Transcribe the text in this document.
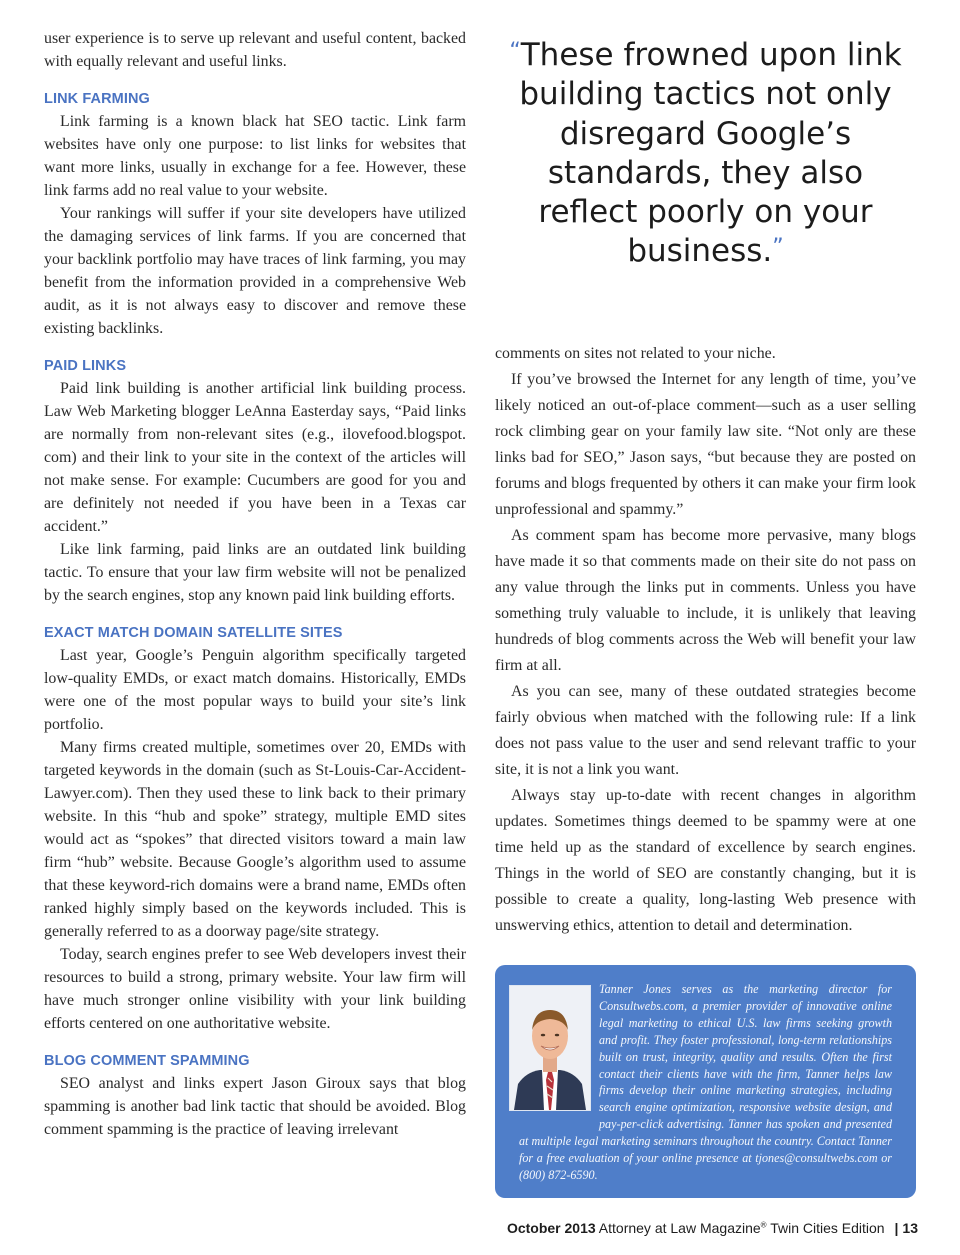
user experience is to serve up relevant and useful content, backed with equally relevant and useful links.

LINK FARMING

Link farming is a known black hat SEO tactic. Link farm websites have only one purpose: to list links for websites that want more links, usually in exchange for a fee. However, these link farms add no real value to your website.

Your rankings will suffer if your site developers have utilized the damaging services of link farms. If you are concerned that your backlink portfolio may have traces of link farming, you may benefit from the information provided in a comprehensive Web audit, as it is not always easy to discover and remove these existing backlinks.

PAID LINKS

Paid link building is another artificial link building process. Law Web Marketing blogger LeAnna Easterday says, “Paid links are normally from non-relevant sites (e.g., ilovefood.blogspot. com) and their link to your site in the context of the articles will not make sense. For example: Cucumbers are good for you and are definitely not needed if you have been in a Texas car accident.”

Like link farming, paid links are an outdated link building tactic. To ensure that your law firm website will not be penalized by the search engines, stop any known paid link building efforts.

EXACT MATCH DOMAIN SATELLITE SITES

Last year, Google’s Penguin algorithm specifically targeted low-quality EMDs, or exact match domains. Historically, EMDs were one of the most popular ways to build your site’s link portfolio.

Many firms created multiple, sometimes over 20, EMDs with targeted keywords in the domain (such as St-Louis-Car-Accident-Lawyer.com). Then they used these to link back to their primary website. In this “hub and spoke” strategy, multiple EMD sites would act as “spokes” that directed visitors toward a main law firm “hub” website. Because Google’s algorithm used to assume that these keyword-rich domains were a brand name, EMDs often ranked highly simply based on the keywords included. This is generally referred to as a doorway page/site strategy.

Today, search engines prefer to see Web developers invest their resources to build a strong, primary website. Your law firm will have much stronger online visibility with your link building efforts centered on one authoritative website.

BLOG COMMENT SPAMMING

SEO analyst and links expert Jason Giroux says that blog spamming is another bad link tactic that should be avoided. Blog comment spamming is the practice of leaving irrelevant

“These frowned upon link building tactics not only disregard Google’s standards, they also reflect poorly on your business.”

comments on sites not related to your niche.

If you’ve browsed the Internet for any length of time, you’ve likely noticed an out-of-place comment—such as a user selling rock climbing gear on your family law site. “Not only are these links bad for SEO,” Jason says, “but because they are posted on forums and blogs frequented by others it can make your firm look unprofessional and spammy.”

As comment spam has become more pervasive, many blogs have made it so that comments made on their site do not pass on any value through the links put in comments. Unless you have something truly valuable to include, it is unlikely that leaving hundreds of blog comments across the Web will benefit your law firm at all.

As you can see, many of these outdated strategies become fairly obvious when matched with the following rule: If a link does not pass value to the user and send relevant traffic to your site, it is not a link you want.

Always stay up-to-date with recent changes in algorithm updates. Sometimes things deemed to be spammy were at one time held up as the standard of excellence by search engines. Things in the world of SEO are constantly changing, but it is possible to create a quality, long-lasting Web presence with unswerving ethics, attention to detail and determination.

Tanner Jones serves as the marketing director for Consultwebs.com, a premier provider of innovative online legal marketing to ethical U.S. law firms seeking growth and profit. They foster professional, long-term relationships built on trust, integrity, quality and results. Often the first contact their clients have with the firm, Tanner helps law firms develop their online marketing strategies, including search engine optimization, responsive website design, and pay-per-click advertising. Tanner has spoken and presented at multiple legal marketing seminars throughout the country. Contact Tanner for a free evaluation of your online presence at tjones@consultwebs.com or (800) 872-6590.
October 2013 Attorney at Law Magazine® Twin Cities Edition | 13
